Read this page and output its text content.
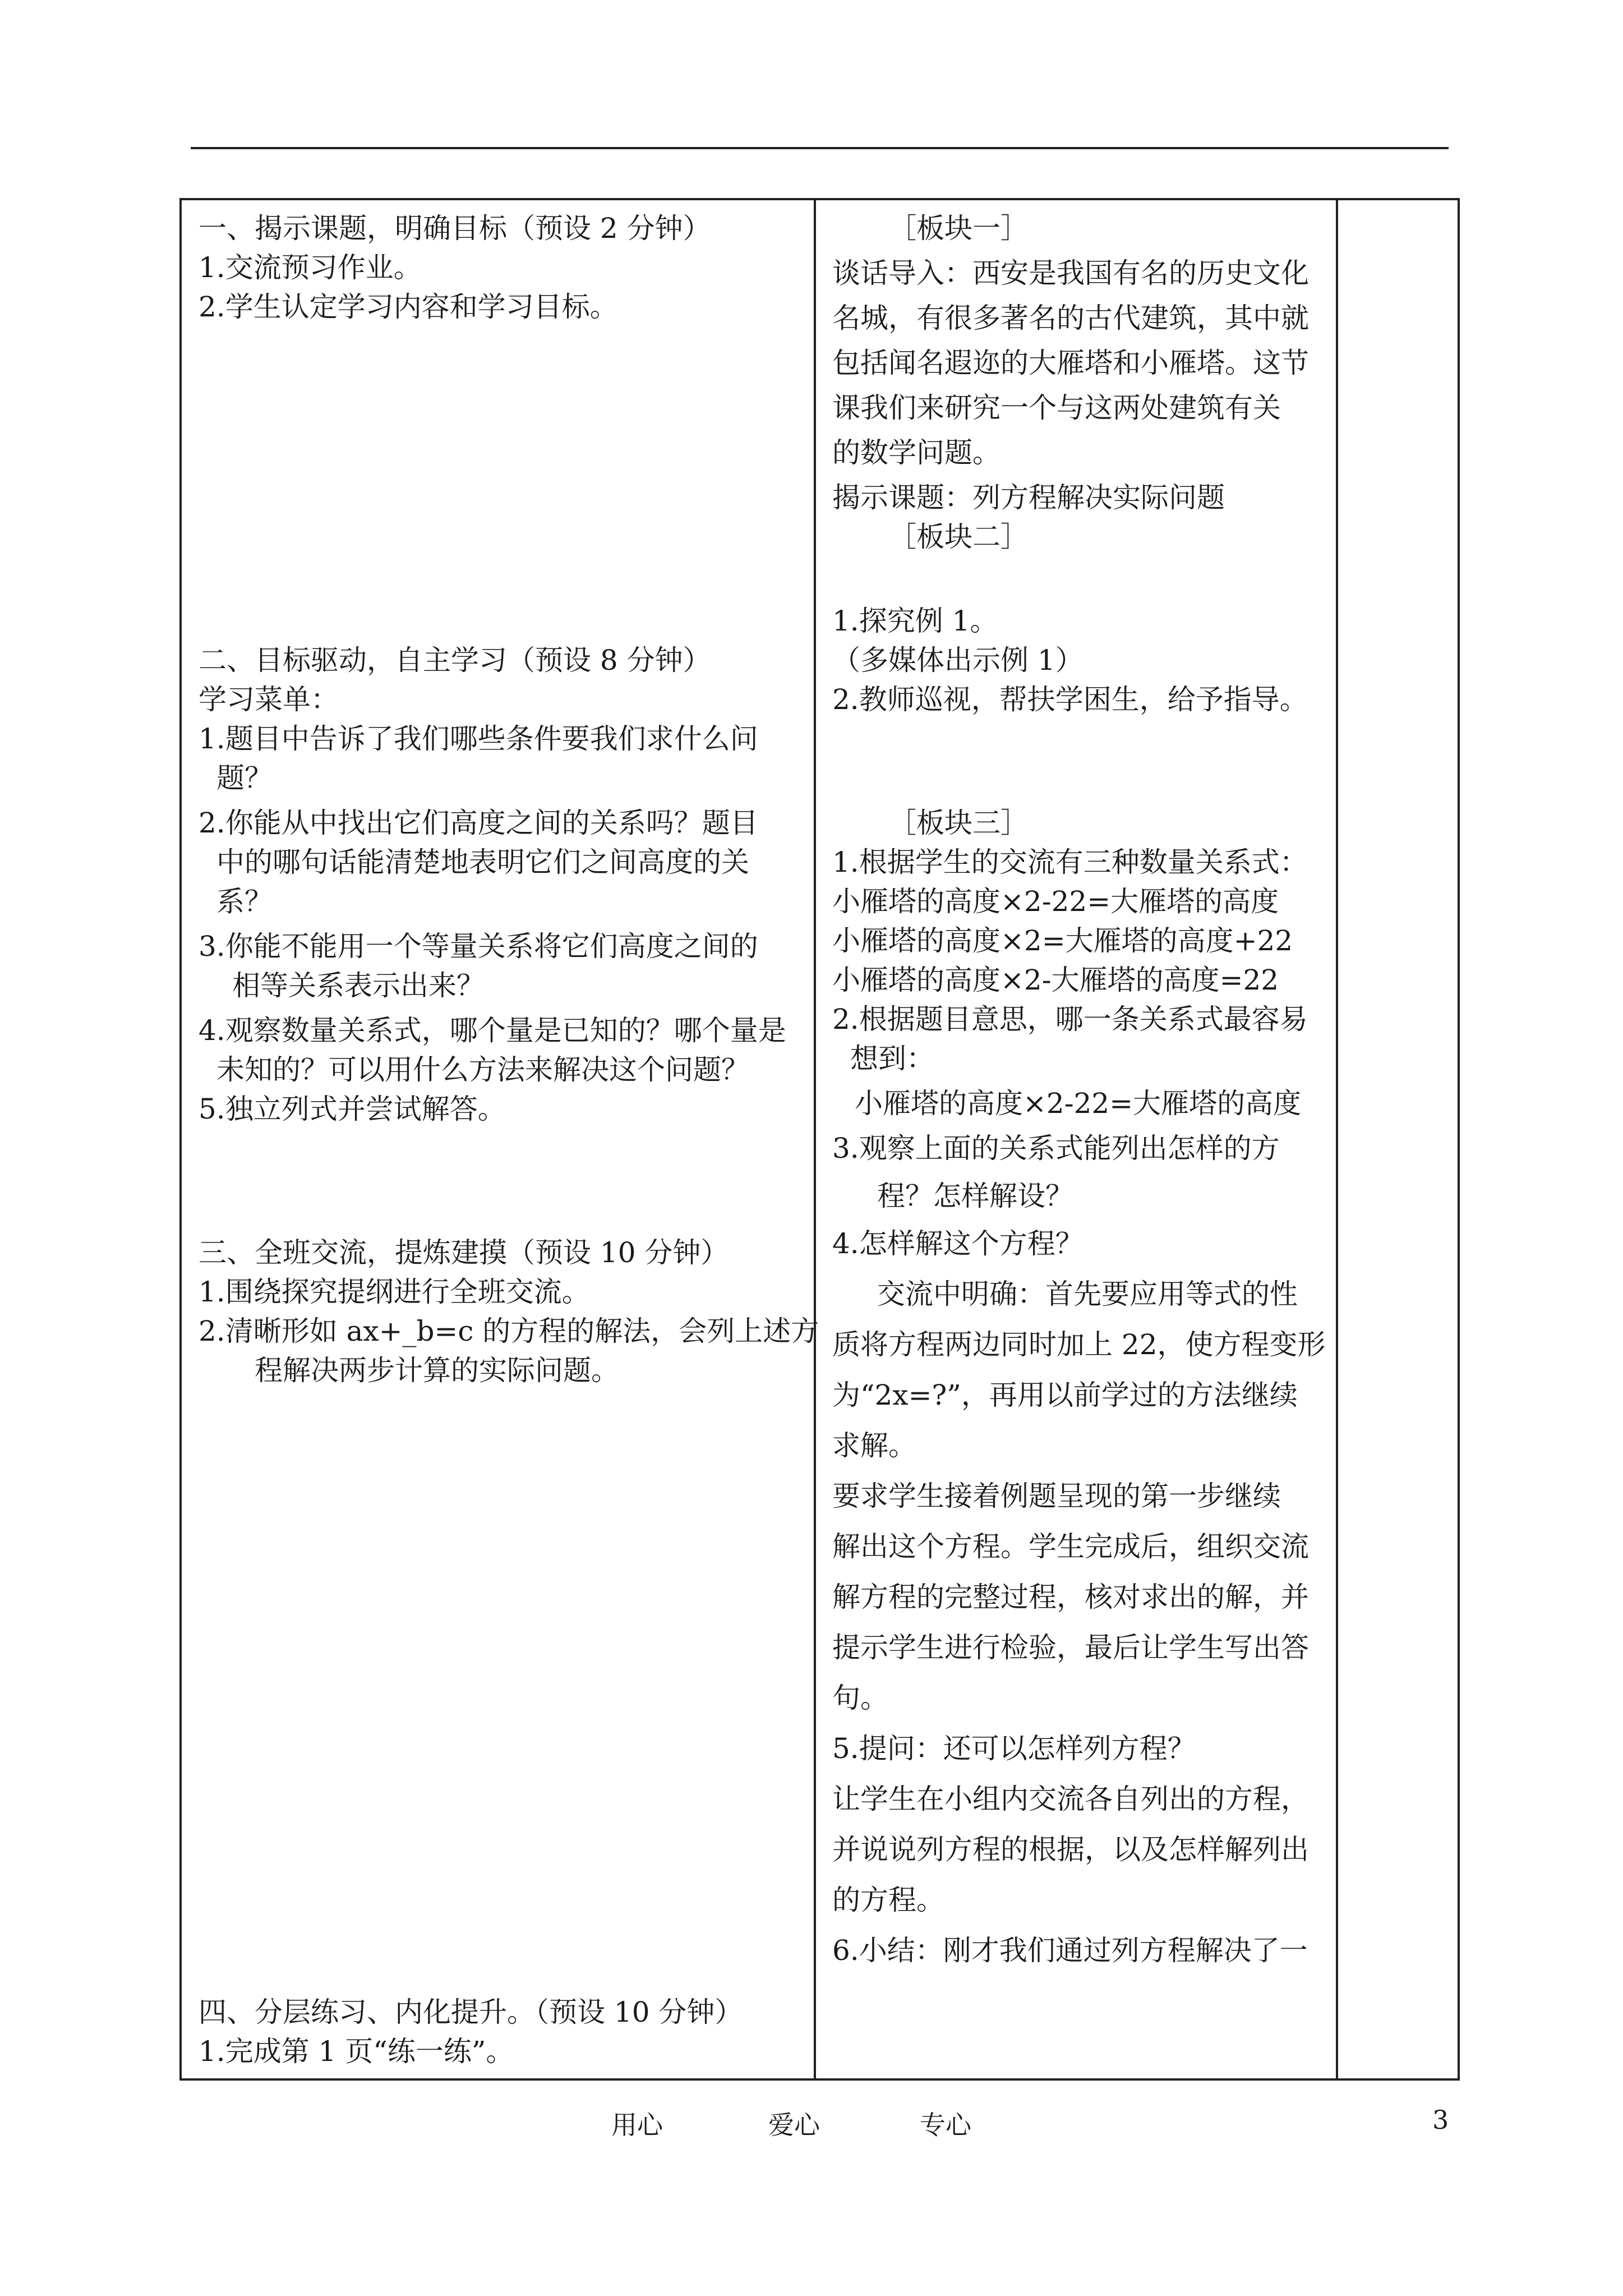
一、揭示课题，明确目标（预设 2 分钟）
1.交流预习作业。
2.学生认定学习内容和学习目标。
二、目标驱动，自主学习（预设 8 分钟）
学习菜单：
1.题目中告诉了我们哪些条件要我们求什么问
题？
2.你能从中找出它们高度之间的关系吗？题目
中的哪句话能清楚地表明它们之间高度的关
系？
3.你能不能用一个等量关系将它们高度之间的
相等关系表示出来？
4.观察数量关系式，哪个量是已知的？哪个量是
未知的？可以用什么方法来解决这个问题？
5.独立列式并尝试解答。
三、全班交流，提炼建摸（预设 10 分钟）
1.围绕探究提纲进行全班交流。
2.清晰形如 ax+_b=c 的方程的解法，会列上述方
程解决两步计算的实际问题。
四、分层练习、内化提升。（预设 10 分钟）
1.完成第 1 页“练一练”。
［板块一］
谈话导入：西安是我国有名的历史文化
名城，有很多著名的古代建筑，其中就
包括闻名遐迩的大雁塔和小雁塔。这节
课我们来研究一个与这两处建筑有关
的数学问题。
揭示课题：列方程解决实际问题
［板块二］
1.探究例 1。
（多媒体出示例 1）
2.教师巡视，帮扶学困生，给予指导。
［板块三］
1.根据学生的交流有三种数量关系式：
小雁塔的高度×2-22=大雁塔的高度
小雁塔的高度×2=大雁塔的高度+22
小雁塔的高度×2-大雁塔的高度=22
2.根据题目意思，哪一条关系式最容易
想到：
小雁塔的高度×2-22=大雁塔的高度
3.观察上面的关系式能列出怎样的方
程？怎样解设？
4.怎样解这个方程？
交流中明确：首先要应用等式的性
质将方程两边同时加上 22，使方程变形
为“2x=?”，再用以前学过的方法继续
求解。
要求学生接着例题呈现的第一步继续
解出这个方程。学生完成后，组织交流
解方程的完整过程，核对求出的解，并
提示学生进行检验，最后让学生写出答
句。
5.提问：还可以怎样列方程？
让学生在小组内交流各自列出的方程，
并说说列方程的根据，以及怎样解列出
的方程。
6.小结：刚才我们通过列方程解决了一
用心	爱心	专心	3
